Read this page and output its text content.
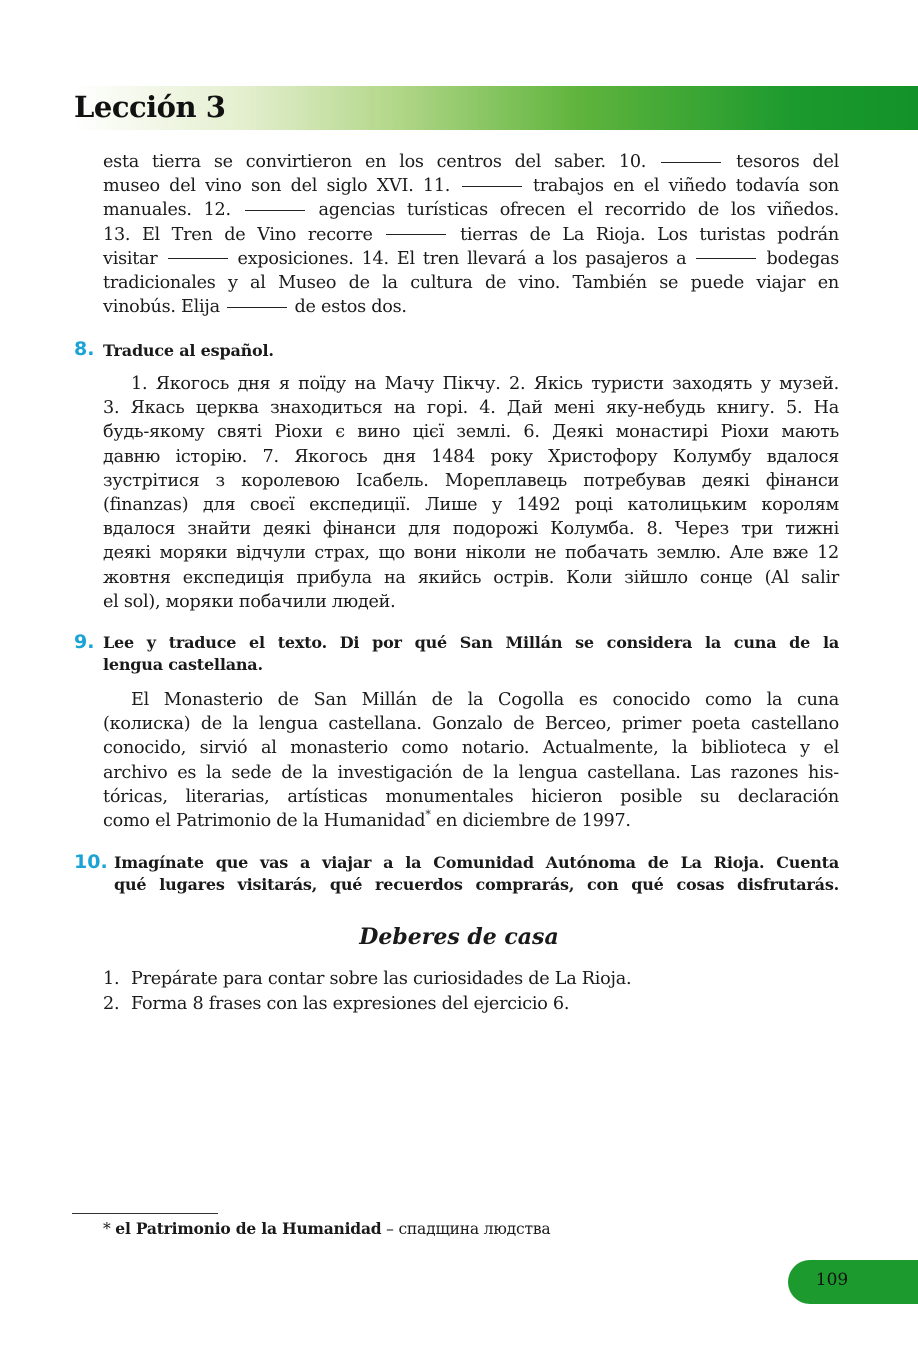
Lección 3
esta tierra se convirtieron en los centros del saber. 10.	tesoros del
museo del vino son del siglo XVI. 11.	trabajos en el viñedo todavía son
manuales. 12.	agencias turísticas ofrecen el recorrido de los viñedos.
13. El Tren de Vino recorre	tierras de La Rioja. Los turistas podrán
visitar	exposiciones. 14. El tren llevará a los pasajeros a	bodegas
tradicionales y al Museo de la cultura de vino. También se puede viajar en
vinobús. Elija	de estos dos.
8. Traduce al español.
1. Якогось дня я поїду на Мачу Пікчу. 2. Якісь туристи заходять у музей.
3. Якась церква знаходиться на горі. 4. Дай мені яку-небудь книгу. 5. На
будь-якому святі Ріохи є вино цієї землі. 6. Деякі монастирі Ріохи мають
давню історію. 7. Якогось дня 1484 року Христофору Колумбу вдалося
зустрітися з королевою Ісабель. Мореплавець потребував деякі фінанси
(finanzas) для своєї експедиції. Лише у 1492 році католицьким королям
вдалося знайти деякі фінанси для подорожі Колумба. 8. Через три тижні
деякі моряки відчули страх, що вони ніколи не побачать землю. Але вже 12
жовтня експедиція прибула на якийсь острів. Коли зійшло сонце (Al salir
el sol), моряки побачили людей.
9. Lee y traduce el texto. Di por qué San Millán se considera la cuna de la
lengua castellana.
El Monasterio de San Millán de la Cogolla es conocido como la cuna
(колиска) de la lengua castellana. Gonzalo de Berceo, primer poeta castellano
conocido, sirvió al monasterio como notario. Actualmente, la biblioteca y el
archivo es la sede de la investigación de la lengua castellana. Las razones his-
tóricas, literarias, artísticas monumentales hicieron posible su declaración
como el Patrimonio de la Humanidad* en diciembre de 1997.
10. Imagínate que vas a viajar a la Comunidad Autónoma de La Rioja. Cuenta
qué lugares visitarás, qué recuerdos comprarás, con qué cosas disfrutarás.
Deberes de casa
1. Prepárate para contar sobre las curiosidades de La Rioja.
2. Forma 8 frases con las expresiones del ejercicio 6.
* el Patrimonio de la Humanidad – спадщина людства
109
